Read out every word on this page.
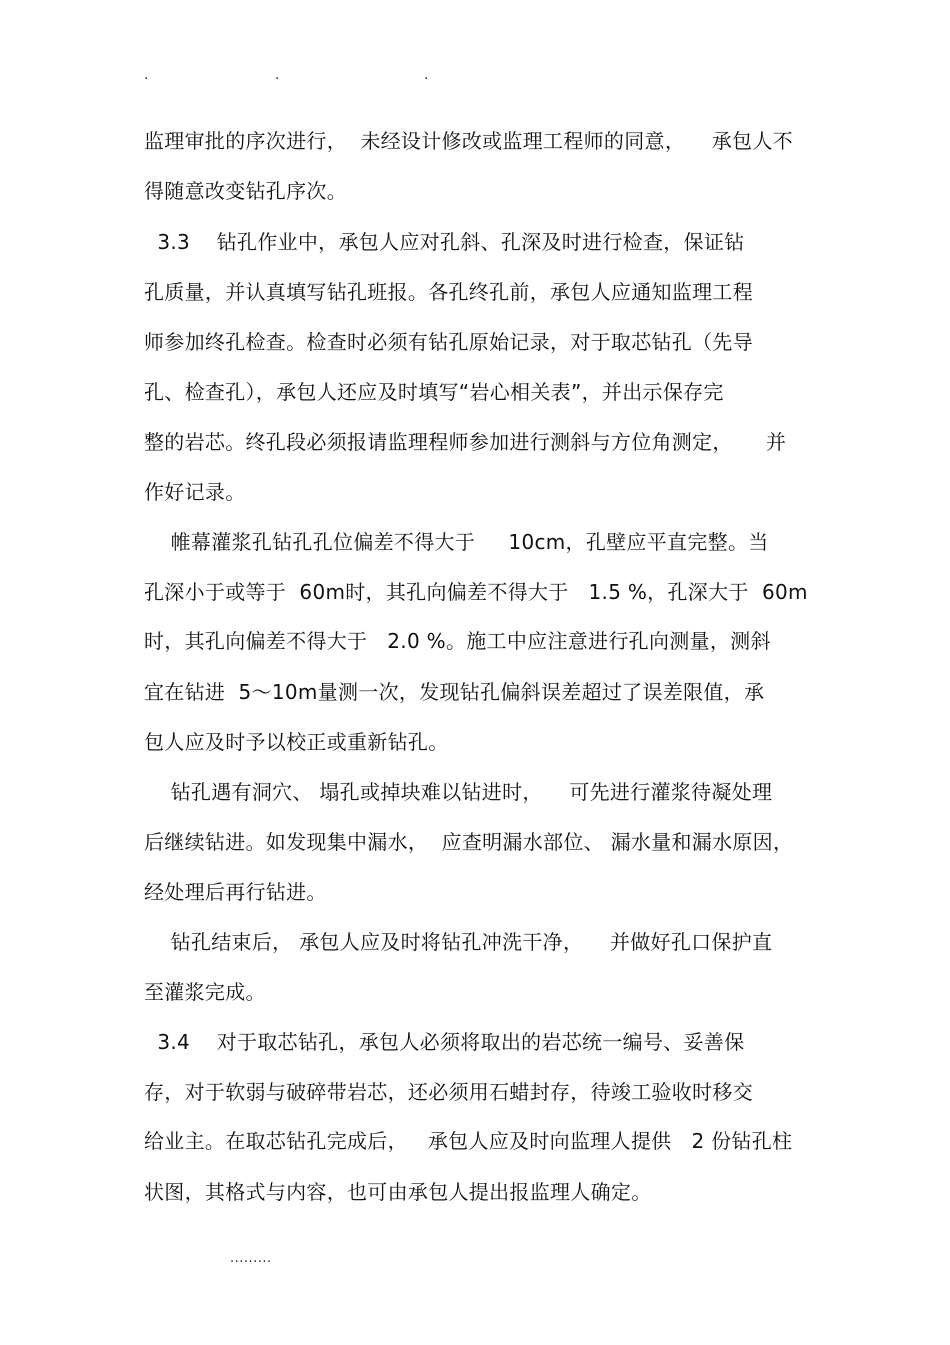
.	.	.
监理审批的序次进行，  未经设计修改或监理工程师的同意，    承包人不
得随意改变钻孔序次。
3.3    钻孔作业中，承包人应对孔斜、孔深及时进行检查，保证钻
孔质量，并认真填写钻孔班报。各孔终孔前，承包人应通知监理工程
师参加终孔检查。检查时必须有钻孔原始记录，对于取芯钻孔（先导
孔、检查孔），承包人还应及时填写“岩心相关表”，并出示保存完
整的岩芯。终孔段必须报请监理程师参加进行测斜与方位角测定，     并
作好记录。
帷幕灌浆孔钻孔孔位偏差不得大于     10cm，孔壁应平直完整。当
孔深小于或等于  60m时，其孔向偏差不得大于   1.5 %，孔深大于  60m
时，其孔向偏差不得大于   2.0 %。施工中应注意进行孔向测量，测斜
宜在钻进  5～10m量测一次，发现钻孔偏斜误差超过了误差限值，承
包人应及时予以校正或重新钻孔。
钻孔遇有洞穴、 塌孔或掉块难以钻进时，    可先进行灌浆待凝处理
后继续钻进。如发现集中漏水，  应查明漏水部位、 漏水量和漏水原因，
经处理后再行钻进。
钻孔结束后， 承包人应及时将钻孔冲洗干净，    并做好孔口保护直
至灌浆完成。
3.4    对于取芯钻孔，承包人必须将取出的岩芯统一编号、妥善保
存，对于软弱与破碎带岩芯，还必须用石蜡封存，待竣工验收时移交
给业主。在取芯钻孔完成后，   承包人应及时向监理人提供   2 份钻孔柱
状图，其格式与内容，也可由承包人提出报监理人确定。
.........
